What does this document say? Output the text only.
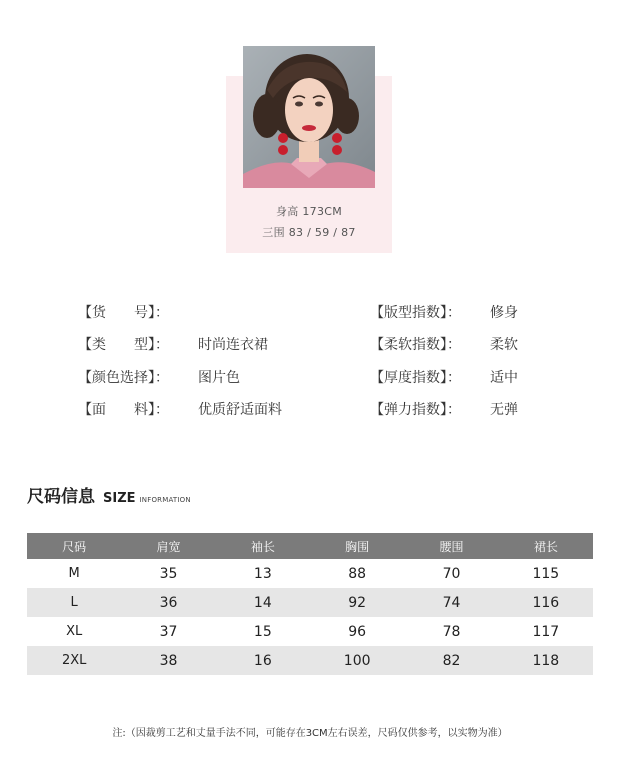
身高 173CM
三围 83 / 59 / 87
【货　　号】：
【类　　型】： 时尚连衣裙
【颜色选择】： 图片色
【面　　料】： 优质舒适面料
【版型指数】： 修身
【柔软指数】： 柔软
【厚度指数】： 适中
【弹力指数】： 无弹
尺码信息 SIZE INFORMATION
尺码	肩宽	袖长	胸围	腰围	裙长
M	35	13	88	70	115
L	36	14	92	74	116
XL	37	15	96	78	117
2XL	38	16	100	82	118
注:（因裁剪工艺和丈量手法不同，可能存在3CM左右误差，尺码仅供参考，以实物为准）
